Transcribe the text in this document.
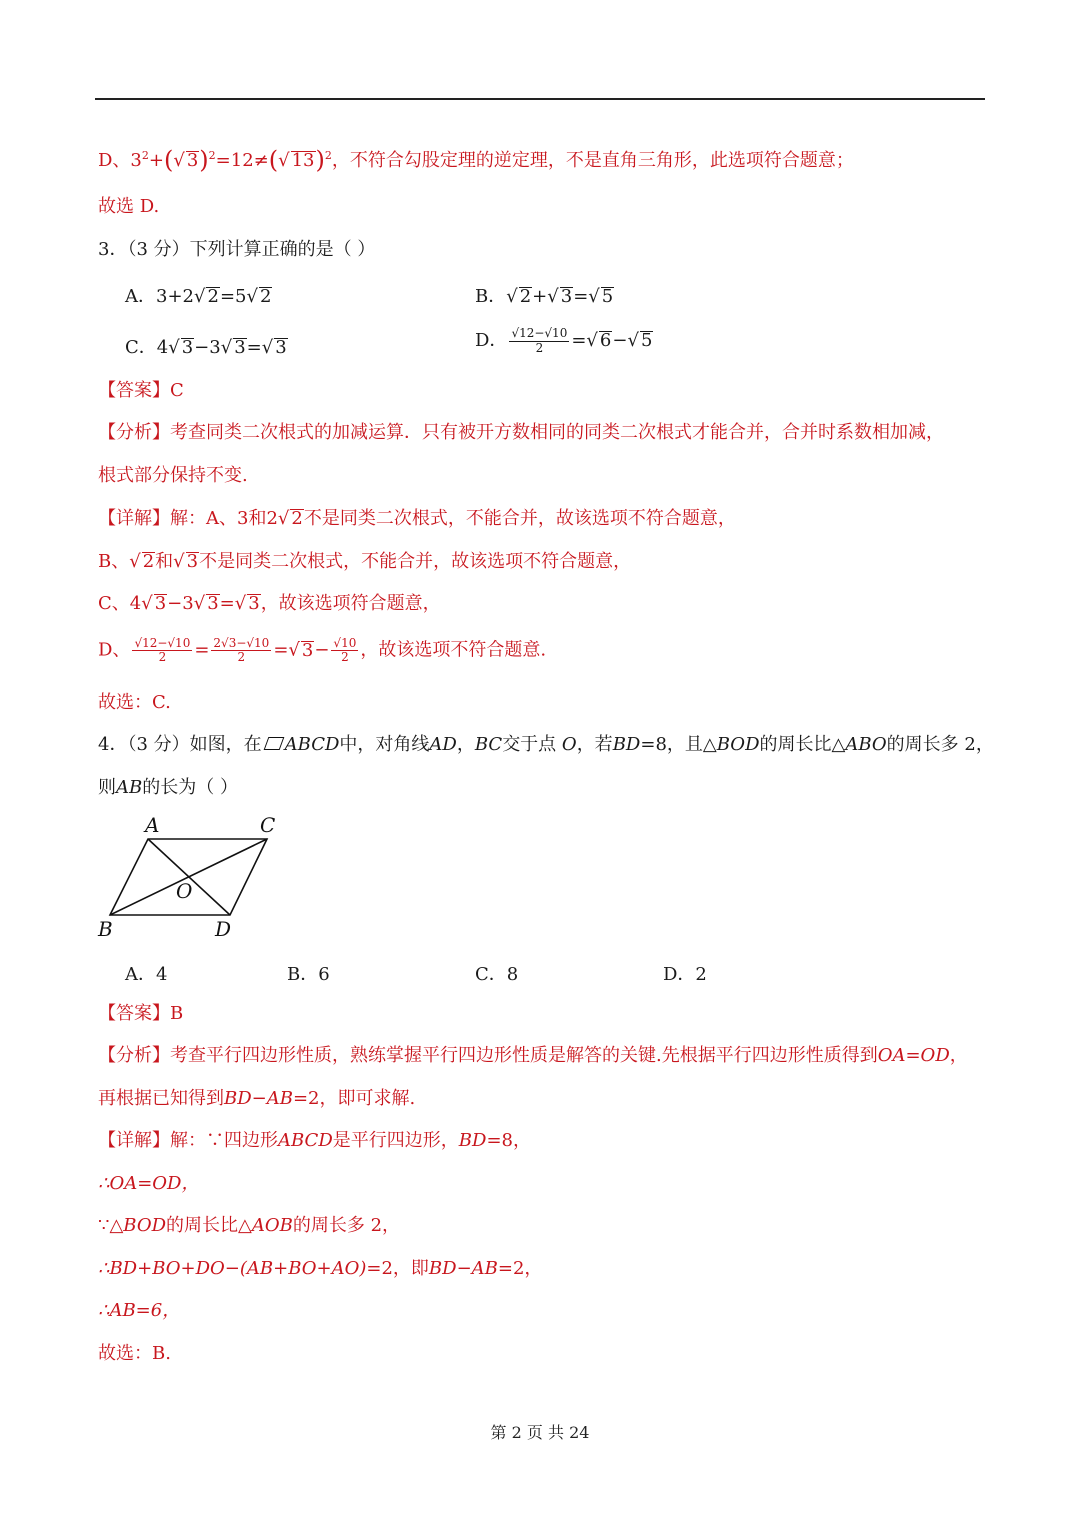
D、$3^2+(√$ 3)$^2$=12≠(√ 13)$^2$，不符合勾股定理的逆定理，不是直角三角形，此选项符合题意；
故选 D.
3．（3 分）下列计算正确的是（ ）
A．3+2√ 2=5√ 2	B．√ 2+√ 3=√ 5
C．4√ 3−3√ 3=√ 3	D． $\frac{√12-√10}{2}$ =√ 6−√ 5
【答案】C
【分析】考查同类二次根式的加减运算．只有被开方数相同的同类二次根式才能合并，合并时系数相加减，
根式部分保持不变.
【详解】解：A、3和2√ 2不是同类二次根式，不能合并，故该选项不符合题意，
B、√ 2和√ 3不是同类二次根式，不能合并，故该选项不符合题意，
C、4√ 3−3√ 3=√ 3，故该选项符合题意，
D、 $\frac{√12-√10}{2} = \frac{2√3-√10}{2}$ =√ $3- \frac{√10}{2}$ ，故该选项不符合题意.
故选：C.
4．（3 分）如图，在 ABCD中，对角线AD，BC交于点 O，若BD=8，且△BOD的周长比△ABO的周长多 2，
则AB的长为（ ）
A	C
O
B	D
A．4	B．6	C．8	D．2
【答案】B
【分析】考查平行四边形性质，熟练掌握平行四边形性质是解答的关键.先根据平行四边形性质得到OA=OD，
再根据已知得到BD−AB=2，即可求解.
【详解】解：∵四边形ABCD是平行四边形，BD=8，
∴OA=OD，
∵△BOD的周长比△AOB的周长多 2，
∴BD+BO+DO−(AB+BO+AO)=2，即BD−AB=2，
∴AB=6，
故选：B.
第 2 页 共 24
